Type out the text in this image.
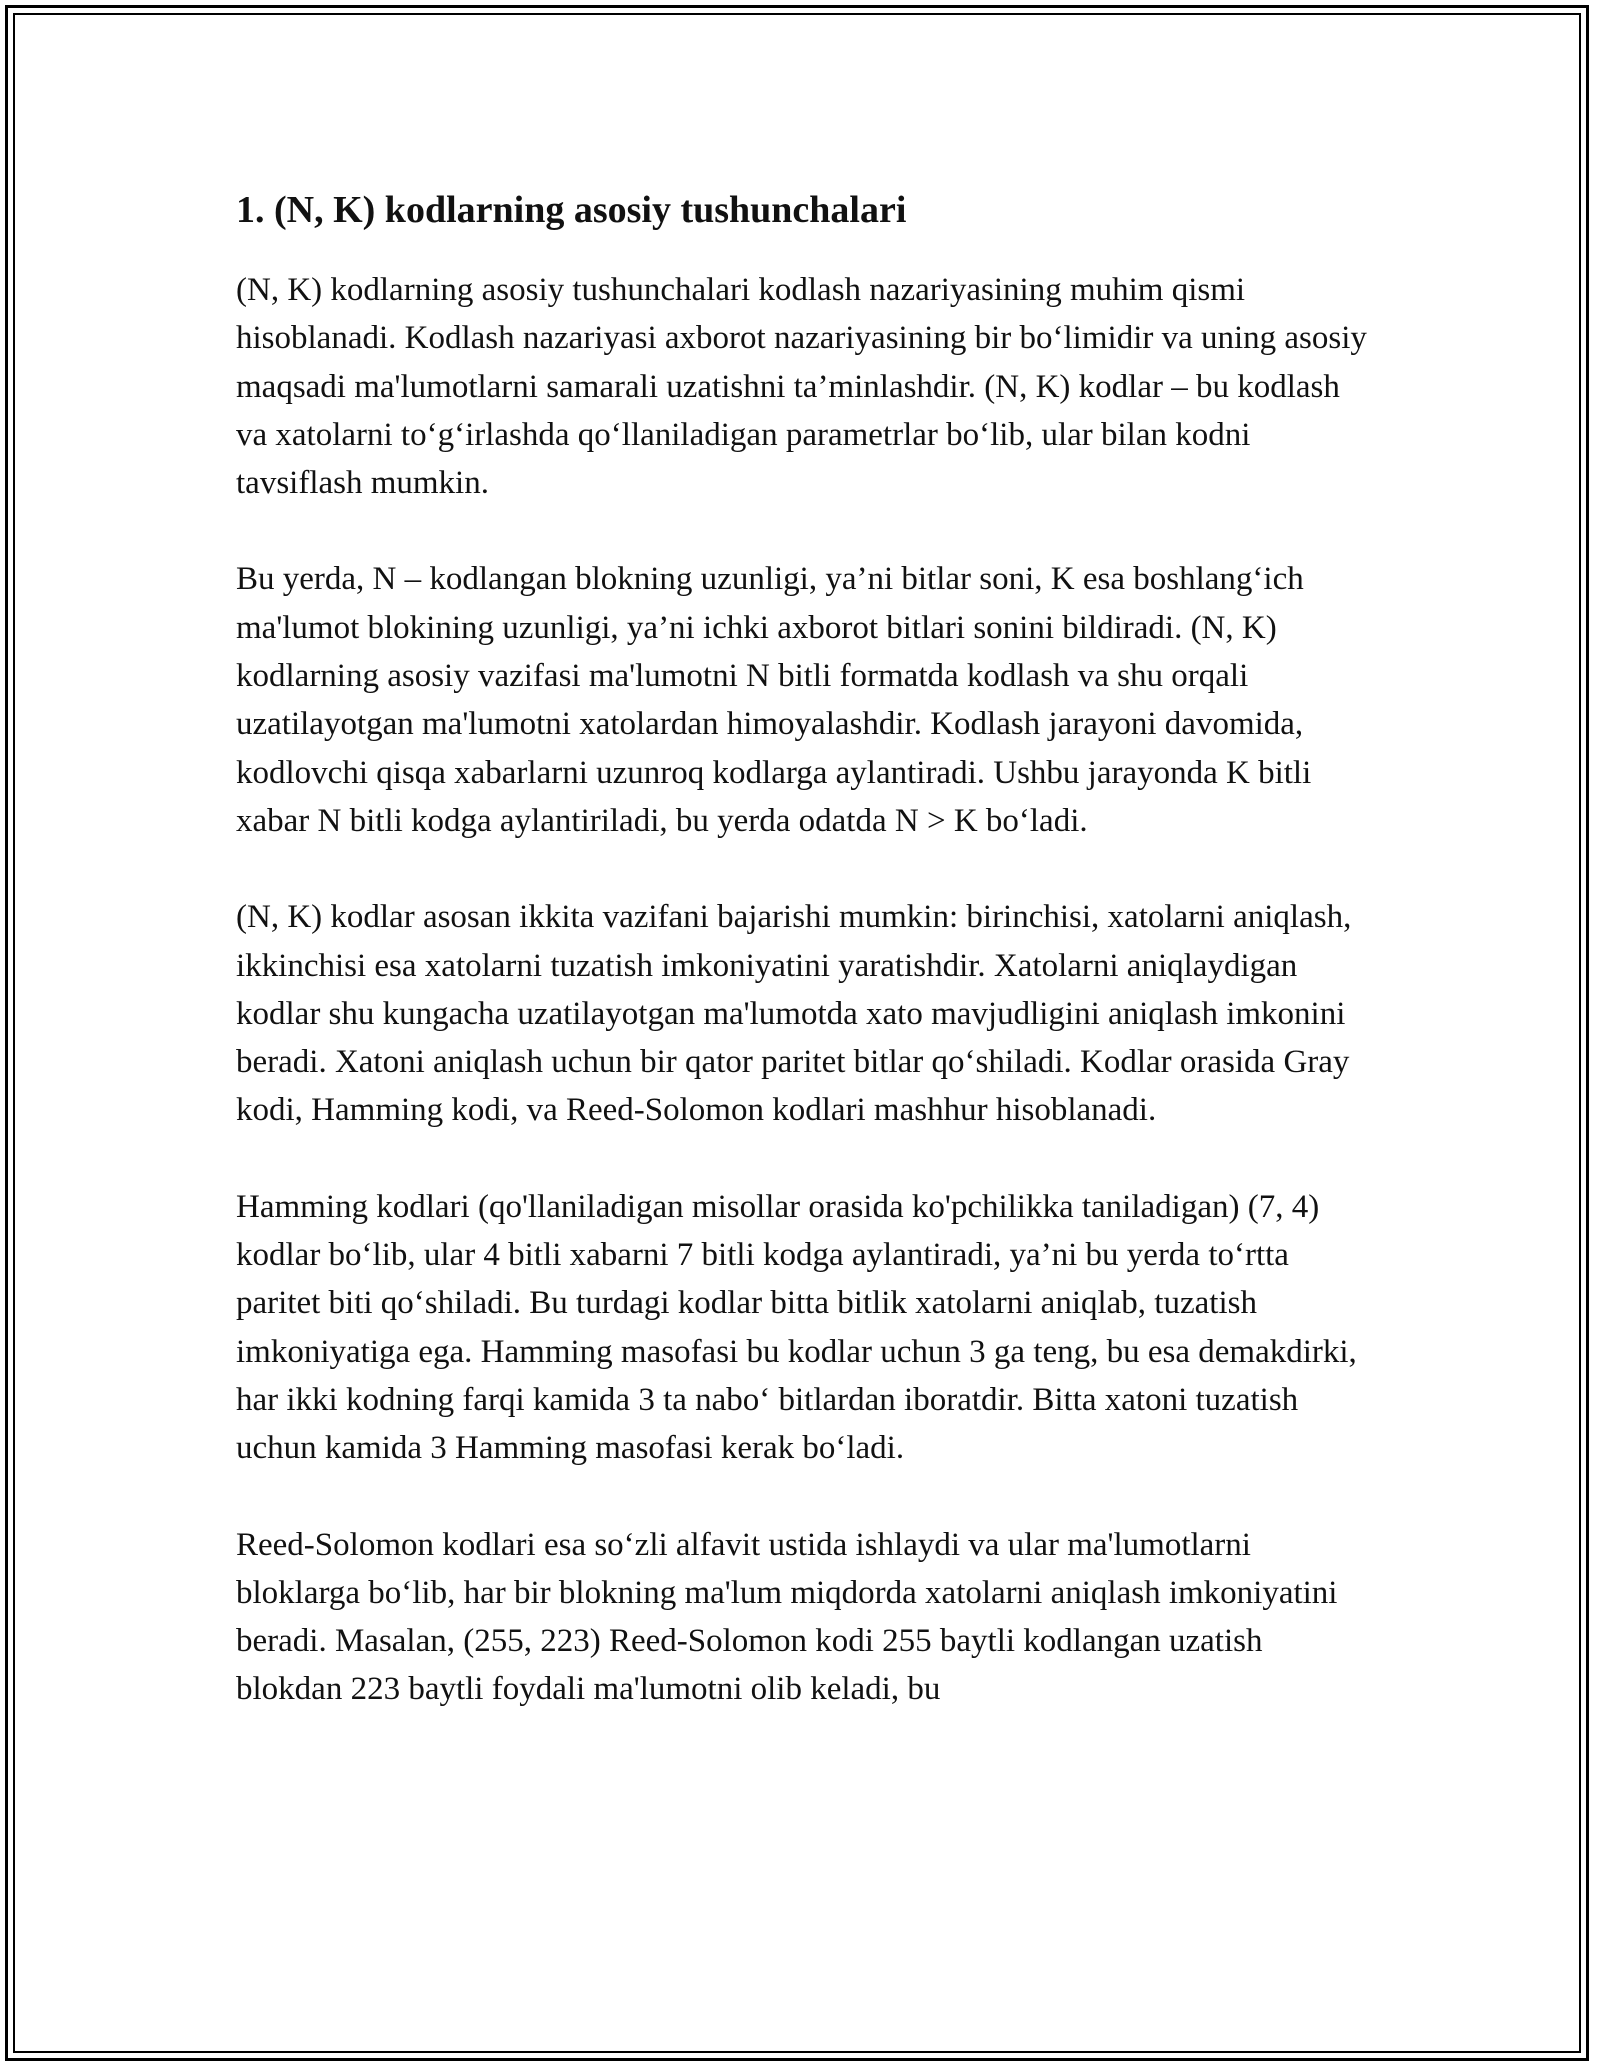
1. (N, K) kodlarning asosiy tushunchalari

(N, K) kodlarning asosiy tushunchalari kodlash nazariyasining muhim qismi hisoblanadi. Kodlash nazariyasi axborot nazariyasining bir bo‘limidir va uning asosiy maqsadi ma'lumotlarni samarali uzatishni ta’minlashdir. (N, K) kodlar – bu kodlash va xatolarni to‘g‘irlashda qo‘llaniladigan parametrlar bo‘lib, ular bilan kodni tavsiflash mumkin.

Bu yerda, N – kodlangan blokning uzunligi, ya’ni bitlar soni, K esa boshlang‘ich ma'lumot blokining uzunligi, ya’ni ichki axborot bitlari sonini bildiradi. (N, K) kodlarning asosiy vazifasi ma'lumotni N bitli formatda kodlash va shu orqali uzatilayotgan ma'lumotni xatolardan himoyalashdir. Kodlash jarayoni davomida, kodlovchi qisqa xabarlarni uzunroq kodlarga aylantiradi. Ushbu jarayonda K bitli xabar N bitli kodga aylantiriladi, bu yerda odatda N > K bo‘ladi.

(N, K) kodlar asosan ikkita vazifani bajarishi mumkin: birinchisi, xatolarni aniqlash, ikkinchisi esa xatolarni tuzatish imkoniyatini yaratishdir. Xatolarni aniqlaydigan kodlar shu kungacha uzatilayotgan ma'lumotda xato mavjudligini aniqlash imkonini beradi. Xatoni aniqlash uchun bir qator paritet bitlar qo‘shiladi. Kodlar orasida Gray kodi, Hamming kodi, va Reed-Solomon kodlari mashhur hisoblanadi.

Hamming kodlari (qo'llaniladigan misollar orasida ko'pchilikka taniladigan) (7, 4) kodlar bo‘lib, ular 4 bitli xabarni 7 bitli kodga aylantiradi, ya’ni bu yerda to‘rtta paritet biti qo‘shiladi. Bu turdagi kodlar bitta bitlik xatolarni aniqlab, tuzatish imkoniyatiga ega. Hamming masofasi bu kodlar uchun 3 ga teng, bu esa demakdirki, har ikki kodning farqi kamida 3 ta nabo‘ bitlardan iboratdir. Bitta xatoni tuzatish uchun kamida 3 Hamming masofasi kerak bo‘ladi.

Reed-Solomon kodlari esa so‘zli alfavit ustida ishlaydi va ular ma'lumotlarni bloklarga bo‘lib, har bir blokning ma'lum miqdorda xatolarni aniqlash imkoniyatini beradi. Masalan, (255, 223) Reed-Solomon kodi 255 baytli kodlangan uzatish blokdan 223 baytli foydali ma'lumotni olib keladi, bu
